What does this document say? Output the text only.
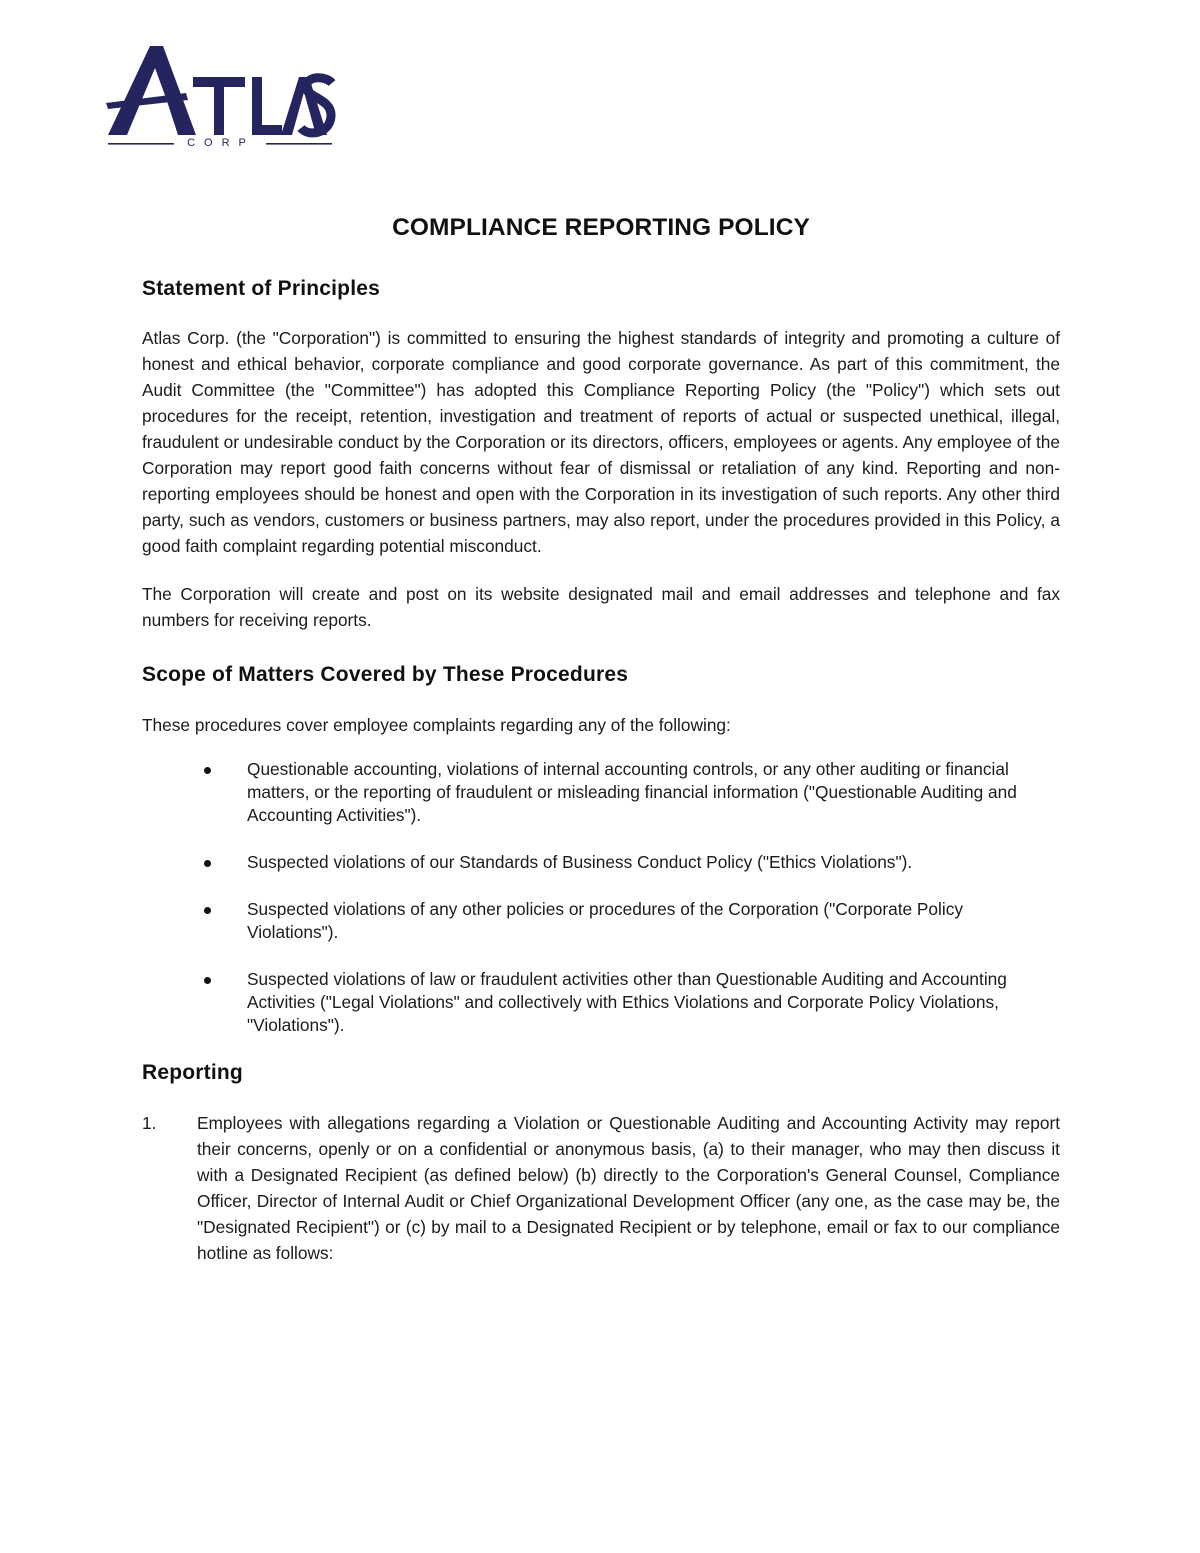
ATLAS
CORP
COMPLIANCE REPORTING POLICY
Statement of Principles

Atlas Corp. (the "Corporation") is committed to ensuring the highest standards of integrity and promoting a culture of honest and ethical behavior, corporate compliance and good corporate governance. As part of this commitment, the Audit Committee (the "Committee") has adopted this Compliance Reporting Policy (the "Policy") which sets out procedures for the receipt, retention, investigation and treatment of reports of actual or suspected unethical, illegal, fraudulent or undesirable conduct by the Corporation or its directors, officers, employees or agents. Any employee of the Corporation may report good faith concerns without fear of dismissal or retaliation of any kind. Reporting and non-reporting employees should be honest and open with the Corporation in its investigation of such reports. Any other third party, such as vendors, customers or business partners, may also report, under the procedures provided in this Policy, a good faith complaint regarding potential misconduct.

The Corporation will create and post on its website designated mail and email addresses and telephone and fax numbers for receiving reports.

Scope of Matters Covered by These Procedures

These procedures cover employee complaints regarding any of the following:

Questionable accounting, violations of internal accounting controls, or any other auditing or financial matters, or the reporting of fraudulent or misleading financial information ("Questionable Auditing and Accounting Activities").
Suspected violations of our Standards of Business Conduct Policy ("Ethics Violations").
Suspected violations of any other policies or procedures of the Corporation ("Corporate Policy Violations").
Suspected violations of law or fraudulent activities other than Questionable Auditing and Accounting Activities ("Legal Violations" and collectively with Ethics Violations and Corporate Policy Violations, "Violations").
Reporting
1. Employees with allegations regarding a Violation or Questionable Auditing and Accounting Activity may report their concerns, openly or on a confidential or anonymous basis, (a) to their manager, who may then discuss it with a Designated Recipient (as defined below) (b) directly to the Corporation's General Counsel, Compliance Officer, Director of Internal Audit or Chief Organizational Development Officer (any one, as the case may be, the "Designated Recipient") or (c) by mail to a Designated Recipient or by telephone, email or fax to our compliance hotline as follows:
